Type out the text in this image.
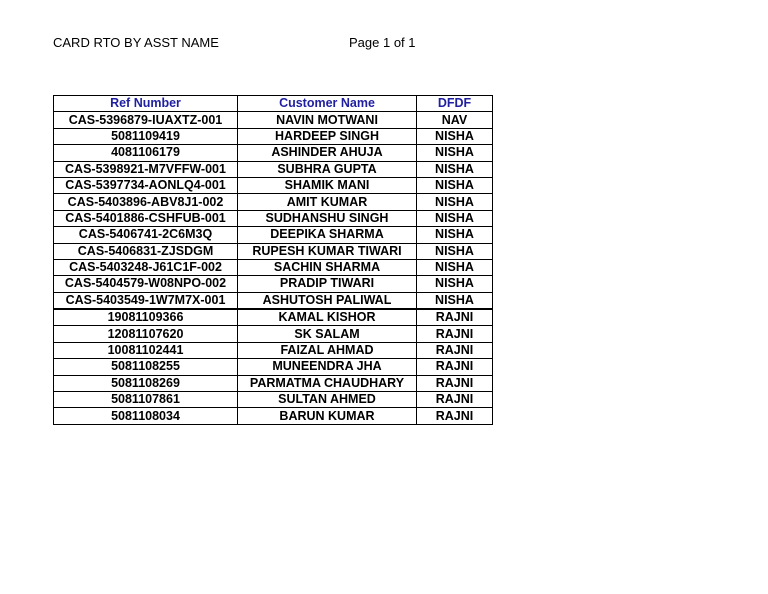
CARD RTO BY ASST NAME	Page 1 of 1
Ref Number	Customer Name	DFDF
CAS-5396879-IUAXTZ-001	NAVIN MOTWANI	NAV
5081109419	HARDEEP SINGH	NISHA
4081106179	ASHINDER AHUJA	NISHA
CAS-5398921-M7VFFW-001	SUBHRA GUPTA	NISHA
CAS-5397734-AONLQ4-001	SHAMIK MANI	NISHA
CAS-5403896-ABV8J1-002	AMIT KUMAR	NISHA
CAS-5401886-CSHFUB-001	SUDHANSHU SINGH	NISHA
CAS-5406741-2C6M3Q	DEEPIKA SHARMA	NISHA
CAS-5406831-ZJSDGM	RUPESH KUMAR TIWARI	NISHA
CAS-5403248-J61C1F-002	SACHIN SHARMA	NISHA
CAS-5404579-W08NPO-002	PRADIP TIWARI	NISHA
CAS-5403549-1W7M7X-001	ASHUTOSH PALIWAL	NISHA
19081109366	KAMAL KISHOR	RAJNI
12081107620	SK SALAM	RAJNI
10081102441	FAIZAL AHMAD	RAJNI
5081108255	MUNEENDRA JHA	RAJNI
5081108269	PARMATMA CHAUDHARY	RAJNI
5081107861	SULTAN AHMED	RAJNI
5081108034	BARUN KUMAR	RAJNI
